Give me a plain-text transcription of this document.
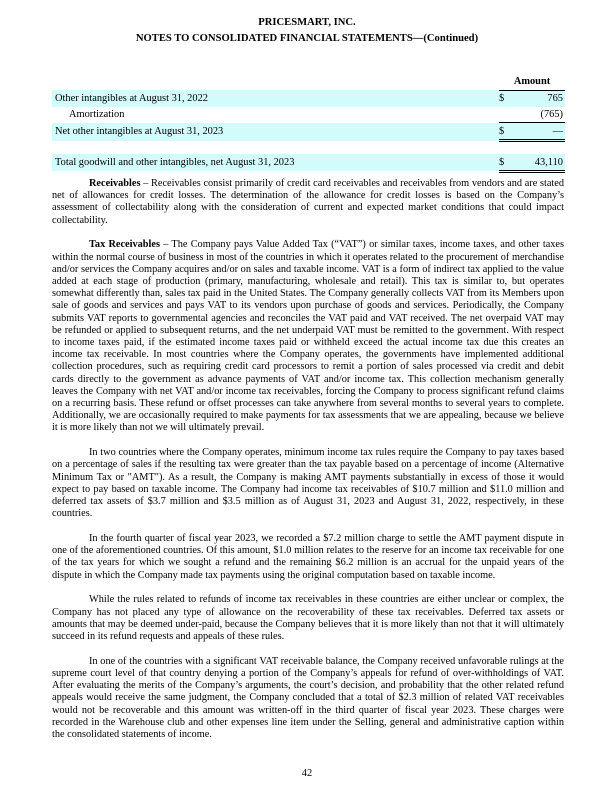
PRICESMART, INC.
NOTES TO CONSOLIDATED FINANCIAL STATEMENTS—(Continued)
	Amount	
Other intangibles at August 31, 2022	$	765
Amortization		(765)
Net other intangibles at August 31, 2023	$	—

Total goodwill and other intangibles, net August 31, 2023	$	43,110

Receivables – Receivables consist primarily of credit card receivables and receivables from vendors and are stated net of allowances for credit losses. The determination of the allowance for credit losses is based on the Company’s assessment of collectability along with the consideration of current and expected market conditions that could impact collectability.

Tax Receivables – The Company pays Value Added Tax (“VAT”) or similar taxes, income taxes, and other taxes within the normal course of business in most of the countries in which it operates related to the procurement of merchandise and/or services the Company acquires and/or on sales and taxable income. VAT is a form of indirect tax applied to the value added at each stage of production (primary, manufacturing, wholesale and retail). This tax is similar to, but operates somewhat differently than, sales tax paid in the United States. The Company generally collects VAT from its Members upon sale of goods and services and pays VAT to its vendors upon purchase of goods and services. Periodically, the Company submits VAT reports to governmental agencies and reconciles the VAT paid and VAT received. The net overpaid VAT may be refunded or applied to subsequent returns, and the net underpaid VAT must be remitted to the government. With respect to income taxes paid, if the estimated income taxes paid or withheld exceed the actual income tax due this creates an income tax receivable. In most countries where the Company operates, the governments have implemented additional collection procedures, such as requiring credit card processors to remit a portion of sales processed via credit and debit cards directly to the government as advance payments of VAT and/or income tax. This collection mechanism generally leaves the Company with net VAT and/or income tax receivables, forcing the Company to process significant refund claims on a recurring basis. These refund or offset processes can take anywhere from several months to several years to complete. Additionally, we are occasionally required to make payments for tax assessments that we are appealing, because we believe it is more likely than not we will ultimately prevail.

In two countries where the Company operates, minimum income tax rules require the Company to pay taxes based on a percentage of sales if the resulting tax were greater than the tax payable based on a percentage of income (Alternative Minimum Tax or "AMT"). As a result, the Company is making AMT payments substantially in excess of those it would expect to pay based on taxable income. The Company had income tax receivables of $10.7 million and $11.0 million and deferred tax assets of $3.7 million and $3.5 million as of August 31, 2023 and August 31, 2022, respectively, in these countries.

In the fourth quarter of fiscal year 2023, we recorded a $7.2 million charge to settle the AMT payment dispute in one of the aforementioned countries. Of this amount, $1.0 million relates to the reserve for an income tax receivable for one of the tax years for which we sought a refund and the remaining $6.2 million is an accrual for the unpaid years of the dispute in which the Company made tax payments using the original computation based on taxable income.

While the rules related to refunds of income tax receivables in these countries are either unclear or complex, the Company has not placed any type of allowance on the recoverability of these tax receivables. Deferred tax assets or amounts that may be deemed under-paid, because the Company believes that it is more likely than not that it will ultimately succeed in its refund requests and appeals of these rules.

In one of the countries with a significant VAT receivable balance, the Company received unfavorable rulings at the supreme court level of that country denying a portion of the Company’s appeals for refund of over-withholdings of VAT. After evaluating the merits of the Company’s arguments, the court’s decision, and probability that the other related refund appeals would receive the same judgment, the Company concluded that a total of $2.3 million of related VAT receivables would not be recoverable and this amount was written-off in the third quarter of fiscal year 2023. These charges were recorded in the Warehouse club and other expenses line item under the Selling, general and administrative caption within the consolidated statements of income.

42
